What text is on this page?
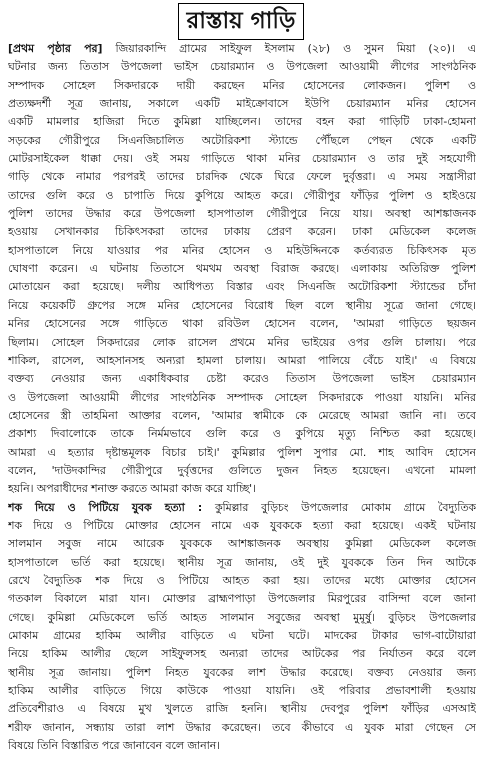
রাস্তায় গাড়ি
[প্রথম পৃষ্ঠার পর] জিয়ারকান্দি গ্রামের সাইফুল ইসলাম (২৮) ও সুমন মিয়া (২০)। এ
ঘটনার জন্য তিতাস উপজেলা ভাইস চেয়ারম্যান ও উপজেলা আওয়ামী লীগের সাংগঠনিক
সম্পাদক সোহেল সিকদারকে দায়ী করছেন মনির হোসেনের লোকজন। পুলিশ ও
প্রত্যক্ষদর্শী সূত্র জানায়, সকালে একটি মাইক্রোবাসে ইউপি চেয়ারম্যান মনির হোসেন
একটি মামলার হাজিরা দিতে কুমিল্লা যাচ্ছিলেন। তাদের বহন করা গাড়িটি ঢাকা-হোমনা
সড়কের গৌরীপুরে সিএনজিচালিত অটোরিকশা স্ট্যান্ডে পৌঁছলে পেছন থেকে একটি
মোটরসাইকেল ধাক্কা দেয়। ওই সময় গাড়িতে থাকা মনির চেয়ারম্যান ও তার দুই সহযোগী
গাড়ি থেকে নামার পরপরই তাদের চারদিক থেকে ঘিরে ফেলে দুর্বৃত্তরা। এ সময় সন্ত্রাসীরা
তাদের গুলি করে ও চাপাতি দিয়ে কুপিয়ে আহত করে। গৌরীপুর ফাঁড়ির পুলিশ ও হাইওয়ে
পুলিশ তাদের উদ্ধার করে উপজেলা হাসপাতাল গৌরীপুরে নিয়ে যায়। অবস্থা আশঙ্কাজনক
হওয়ায় সেখানকার চিকিৎসকরা তাদের ঢাকায় প্রেরণ করেন। ঢাকা মেডিকেল কলেজ
হাসপাতালে নিয়ে যাওয়ার পর মনির হোসেন ও মহিউদ্দিনকে কর্তব্যরত চিকিৎসক মৃত
ঘোষণা করেন। এ ঘটনায় তিতাসে থমথম অবস্থা বিরাজ করছে। এলাকায় অতিরিক্ত পুলিশ
মোতায়েন করা হয়েছে। দলীয় আধিপত্য বিস্তার এবং সিএনজি অটোরিকশা স্ট্যান্ডের চাঁদা
নিয়ে কয়েকটি গ্রুপের সঙ্গে মনির হোসেনের বিরোধ ছিল বলে স্থানীয় সূত্রে জানা গেছে।
মনির হোসেনের সঙ্গে গাড়িতে থাকা রবিউল হোসেন বলেন, 'আমরা গাড়িতে ছয়জন
ছিলাম। সোহেল সিকদারের লোক রাসেল প্রথমে মনির ভাইয়ের ওপর গুলি চালায়। পরে
শাকিল, রাসেল, আহসানসহ অন্যরা হামলা চালায়। আমরা পালিয়ে বেঁচে যাই।' এ বিষয়ে
বক্তব্য নেওয়ার জন্য একাধিকবার চেষ্টা করেও তিতাস উপজেলা ভাইস চেয়ারম্যান
ও উপজেলা আওয়ামী লীগের সাংগঠনিক সম্পাদক সোহেল সিকদারকে পাওয়া যায়নি। মনির
হোসেনের স্ত্রী তাহমিনা আক্তার বলেন, 'আমার স্বামীকে কে মেরেছে আমরা জানি না। তবে
প্রকাশ্য দিবালোকে তাকে নির্মমভাবে গুলি করে ও কুপিয়ে মৃত্যু নিশ্চিত করা হয়েছে।
আমরা এ হত্যার দৃষ্টান্তমূলক বিচার চাই।' কুমিল্লার পুলিশ সুপার মো. শাহ আবিদ হোসেন
বলেন, 'দাউদকান্দির গৌরীপুরে দুর্বৃত্তদের গুলিতে দুজন নিহত হয়েছেন। এখনো মামলা
হয়নি। অপরাধীদের শনাক্ত করতে আমরা কাজ করে যাচ্ছি'।
শক দিয়ে ও পিটিয়ে যুবক হত্যা : কুমিল্লার বুড়িচং উপজেলার মোকাম গ্রামে বৈদ্যুতিক
শক দিয়ে ও পিটিয়ে মোক্তার হোসেন নামে এক যুবককে হত্যা করা হয়েছে। একই ঘটনায়
সালমান সবুজ নামে আরেক যুবককে আশঙ্কাজনক অবস্থায় কুমিল্লা মেডিকেল কলেজ
হাসপাতালে ভর্তি করা হয়েছে। স্থানীয় সূত্র জানায়, ওই দুই যুবককে তিন দিন আটকে
রেখে বৈদ্যুতিক শক দিয়ে ও পিটিয়ে আহত করা হয়। তাদের মধ্যে মোক্তার হোসেন
গতকাল বিকালে মারা যান। মোক্তার ব্রাহ্মণপাড়া উপজেলার মিরপুরের বাসিন্দা বলে জানা
গেছে। কুমিল্লা মেডিকেলে ভর্তি আহত সালমান সবুজের অবস্থা মুমূর্ষু। বুড়িচং উপজেলার
মোকাম গ্রামের হাকিম আলীর বাড়িতে এ ঘটনা ঘটে। মাদকের টাকার ভাগ-বাটোয়ারা
নিয়ে হাকিম আলীর ছেলে সাইফুলসহ অন্যরা তাদের আটকের পর নির্যাতন করে বলে
স্থানীয় সূত্র জানায়। পুলিশ নিহত যুবকের লাশ উদ্ধার করেছে। বক্তব্য নেওয়ার জন্য
হাকিম আলীর বাড়িতে গিয়ে কাউকে পাওয়া যায়নি। ওই পরিবার প্রভাবশালী হওয়ায়
প্রতিবেশীরাও এ বিষয়ে মুখ খুলতে রাজি হননি। স্থানীয় দেবপুর পুলিশ ফাঁড়ির এসআই
শরীফ জানান, সন্ধ্যায় তারা লাশ উদ্ধার করেছেন। তবে কীভাবে এ যুবক মারা গেছেন সে
বিষয়ে তিনি বিস্তারিত পরে জানাবেন বলে জানান।
